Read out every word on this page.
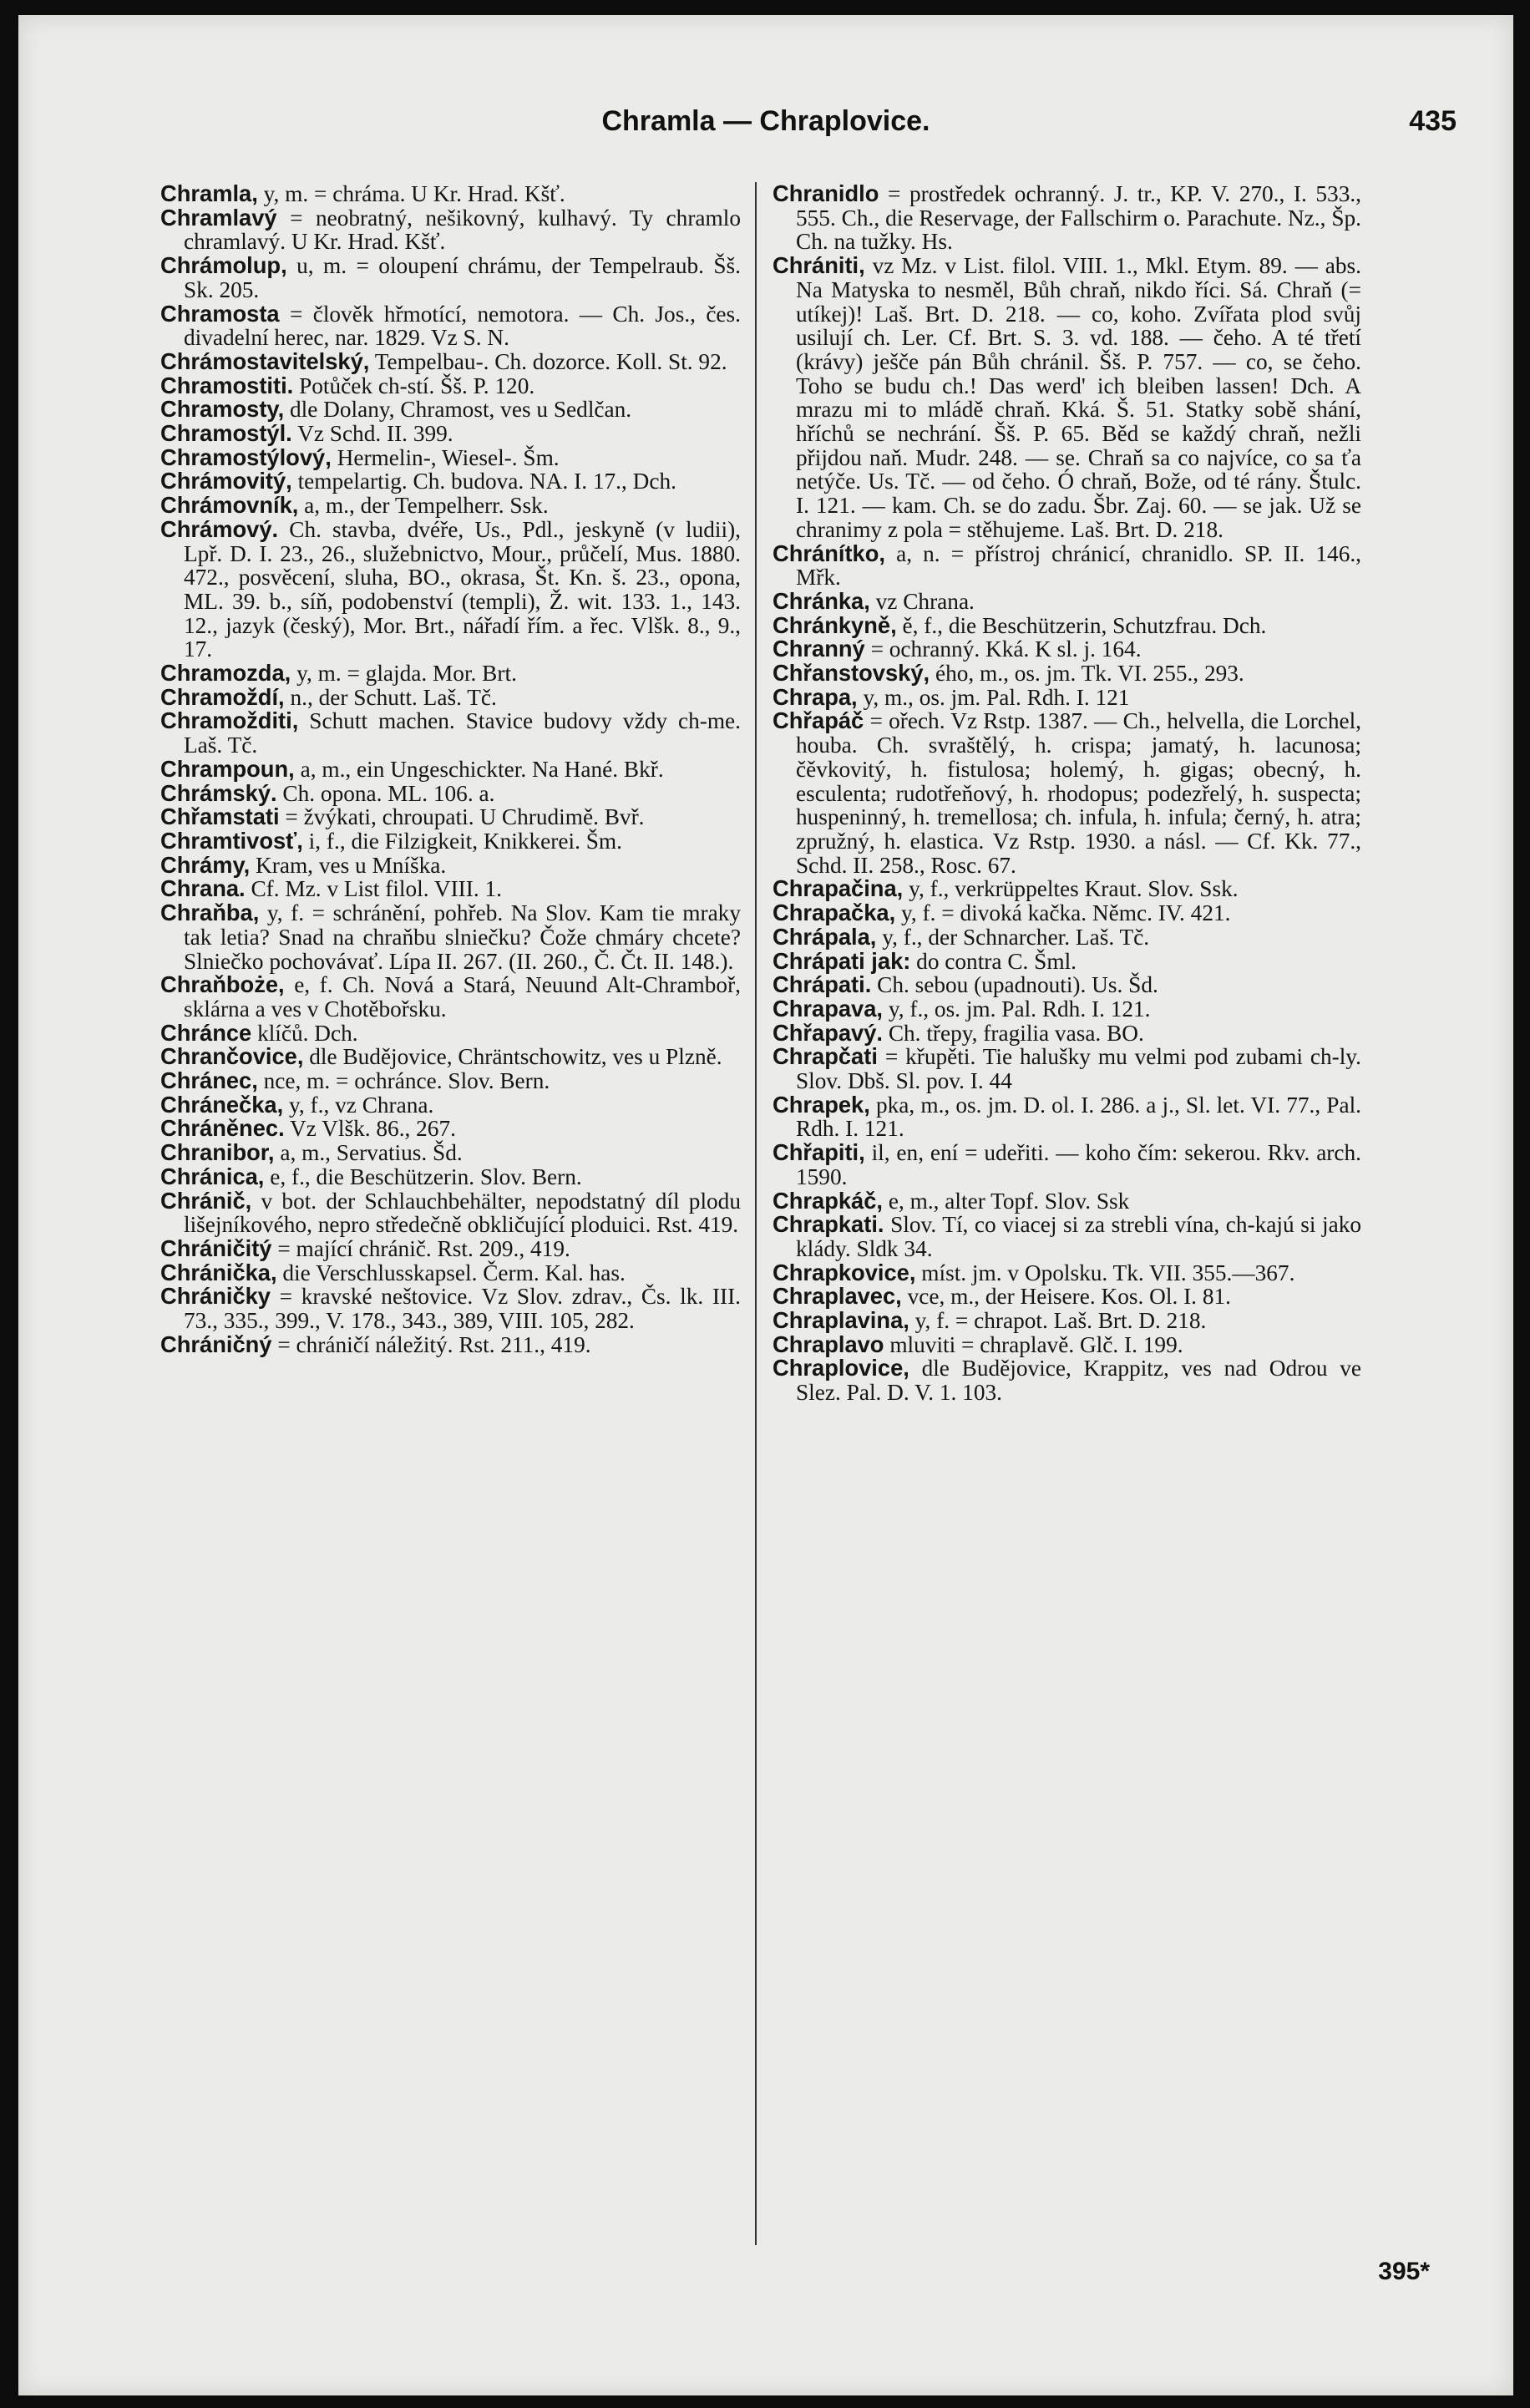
Chramla — Chraplovice.	435

Chramla, y, m. = chráma. U Kr. Hrad. Kšť.

Chramlavý = neobratný, nešikovný, kulhavý. Ty chramlo chramlavý. U Kr. Hrad. Kšť.

Chrámolup, u, m. = oloupení chrámu, der Tempelraub. Šš. Sk. 205.

Chramosta = člověk hřmotící, nemotora. — Ch. Jos., čes. divadelní herec, nar. 1829. Vz S. N.

Chrámostavitelský, Tempelbau-. Ch. dozorce. Koll. St. 92.

Chramostiti. Potůček ch-stí. Šš. P. 120.

Chramosty, dle Dolany, Chramost, ves u Sedlčan.

Chramostýl. Vz Schd. II. 399.

Chramostýlový, Hermelin-, Wiesel-. Šm.

Chrámovitý, tempelartig. Ch. budova. NA. I. 17., Dch.

Chrámovník, a, m., der Tempelherr. Ssk.

Chrámový. Ch. stavba, dvéře, Us., Pdl., jeskyně (v ludii), Lpř. D. I. 23., 26., služebnictvo, Mour., průčelí, Mus. 1880. 472., posvěcení, sluha, BO., okrasa, Št. Kn. š. 23., opona, ML. 39. b., síň, podobenství (templi), Ž. wit. 133. 1., 143. 12., jazyk (český), Mor. Brt., nářadí řím. a řec. Vlšk. 8., 9., 17.

Chramozda, y, m. = glajda. Mor. Brt.

Chramoždí, n., der Schutt. Laš. Tč.

Chramožditi, Schutt machen. Stavice budovy vždy ch-me. Laš. Tč.

Chrampoun, a, m., ein Ungeschickter. Na Hané. Bkř.

Chrámský. Ch. opona. ML. 106. a.

Chřamstati = žvýkati, chroupati. U Chrudimě. Bvř.

Chramtivosť, i, f., die Filzigkeit, Knikkerei. Šm.

Chrámy, Kram, ves u Mníška.

Chrana. Cf. Mz. v List filol. VIII. 1.

Chraňba, y, f. = schránění, pohřeb. Na Slov. Kam tie mraky tak letia? Snad na chraňbu slniečku? Čože chmáry chcete? Slniečko pochovávať. Lípa II. 267. (II. 260., Č. Čt. II. 148.).

Chraňboże, e, f. Ch. Nová a Stará, Neuund Alt-Chramboř, sklárna a ves v Chotěbořsku.

Chránce klíčů. Dch.

Chrančovice, dle Budějovice, Chräntschowitz, ves u Plzně.

Chránec, nce, m. = ochránce. Slov. Bern.

Chránečka, y, f., vz Chrana.

Chráněnec. Vz Vlšk. 86., 267.

Chranibor, a, m., Servatius. Šd.

Chránica, e, f., die Beschützerin. Slov. Bern.

Chránič, v bot. der Schlauchbehälter, nepodstatný díl plodu lišejníkového, nepro středečně obkličující ploduici. Rst. 419.

Chráničitý = mající chránič. Rst. 209., 419.

Chránička, die Verschlusskapsel. Čerm. Kal. has.

Chráničky = kravské neštovice. Vz Slov. zdrav., Čs. lk. III. 73., 335., 399., V. 178., 343., 389, VIII. 105, 282.

Chráničný = chráničí náležitý. Rst. 211., 419.

Chranidlo = prostředek ochranný. J. tr., KP. V. 270., I. 533., 555. Ch., die Reservage, der Fallschirm o. Parachute. Nz., Šp. Ch. na tužky. Hs.

Chrániti, vz Mz. v List. filol. VIII. 1., Mkl. Etym. 89. — abs. Na Matyska to nesměl, Bůh chraň, nikdo říci. Sá. Chraň (= utíkej)! Laš. Brt. D. 218. — co, koho. Zvířata plod svůj usilují ch. Ler. Cf. Brt. S. 3. vd. 188. — čeho. A té třetí (krávy) ješče pán Bůh chránil. Šš. P. 757. — co, se čeho. Toho se budu ch.! Das werd' ich bleiben lassen! Dch. A mrazu mi to mládě chraň. Kká. Š. 51. Statky sobě shání, hříchů se nechrání. Šš. P. 65. Běd se každý chraň, nežli přijdou naň. Mudr. 248. — se. Chraň sa co najvíce, co sa ťa netýče. Us. Tč. — od čeho. Ó chraň, Bože, od té rány. Štulc. I. 121. — kam. Ch. se do zadu. Šbr. Zaj. 60. — se jak. Už se chranimy z pola = stěhujeme. Laš. Brt. D. 218.

Chránítko, a, n. = přístroj chránicí, chranidlo. SP. II. 146., Mřk.

Chránka, vz Chrana.

Chránkyně, ě, f., die Beschützerin, Schutzfrau. Dch.

Chranný = ochranný. Kká. K sl. j. 164.

Chřanstovský, ého, m., os. jm. Tk. VI. 255., 293.

Chrapa, y, m., os. jm. Pal. Rdh. I. 121

Chřapáč = ořech. Vz Rstp. 1387. — Ch., helvella, die Lorchel, houba. Ch. svraštělý, h. crispa; jamatý, h. lacunosa; čěvkovitý, h. fistulosa; holemý, h. gigas; obecný, h. esculenta; rudotřeňový, h. rhodopus; podezřelý, h. suspecta; huspeninný, h. tremellosa; ch. infula, h. infula; černý, h. atra; zpružný, h. elastica. Vz Rstp. 1930. a násl. — Cf. Kk. 77., Schd. II. 258., Rosc. 67.

Chrapačina, y, f., verkrüppeltes Kraut. Slov. Ssk.

Chrapačka, y, f. = divoká kačka. Němc. IV. 421.

Chrápala, y, f., der Schnarcher. Laš. Tč.

Chrápati jak: do contra C. Šml.

Chrápati. Ch. sebou (upadnouti). Us. Šd.

Chrapava, y, f., os. jm. Pal. Rdh. I. 121.

Chřapavý. Ch. třepy, fragilia vasa. BO.

Chrapčati = křupěti. Tie halušky mu velmi pod zubami ch-ly. Slov. Dbš. Sl. pov. I. 44

Chrapek, pka, m., os. jm. D. ol. I. 286. a j., Sl. let. VI. 77., Pal. Rdh. I. 121.

Chřapiti, il, en, ení = udeřiti. — koho čím: sekerou. Rkv. arch. 1590.

Chrapkáč, e, m., alter Topf. Slov. Ssk

Chrapkati. Slov. Tí, co viacej si za strebli vína, ch-kajú si jako klády. Sldk 34.

Chrapkovice, míst. jm. v Opolsku. Tk. VII. 355.—367.

Chraplavec, vce, m., der Heisere. Kos. Ol. I. 81.

Chraplavina, y, f. = chrapot. Laš. Brt. D. 218.

Chraplavo mluviti = chraplavě. Glč. I. 199.

Chraplovice, dle Budějovice, Krappitz, ves nad Odrou ve Slez. Pal. D. V. 1. 103.

395*
